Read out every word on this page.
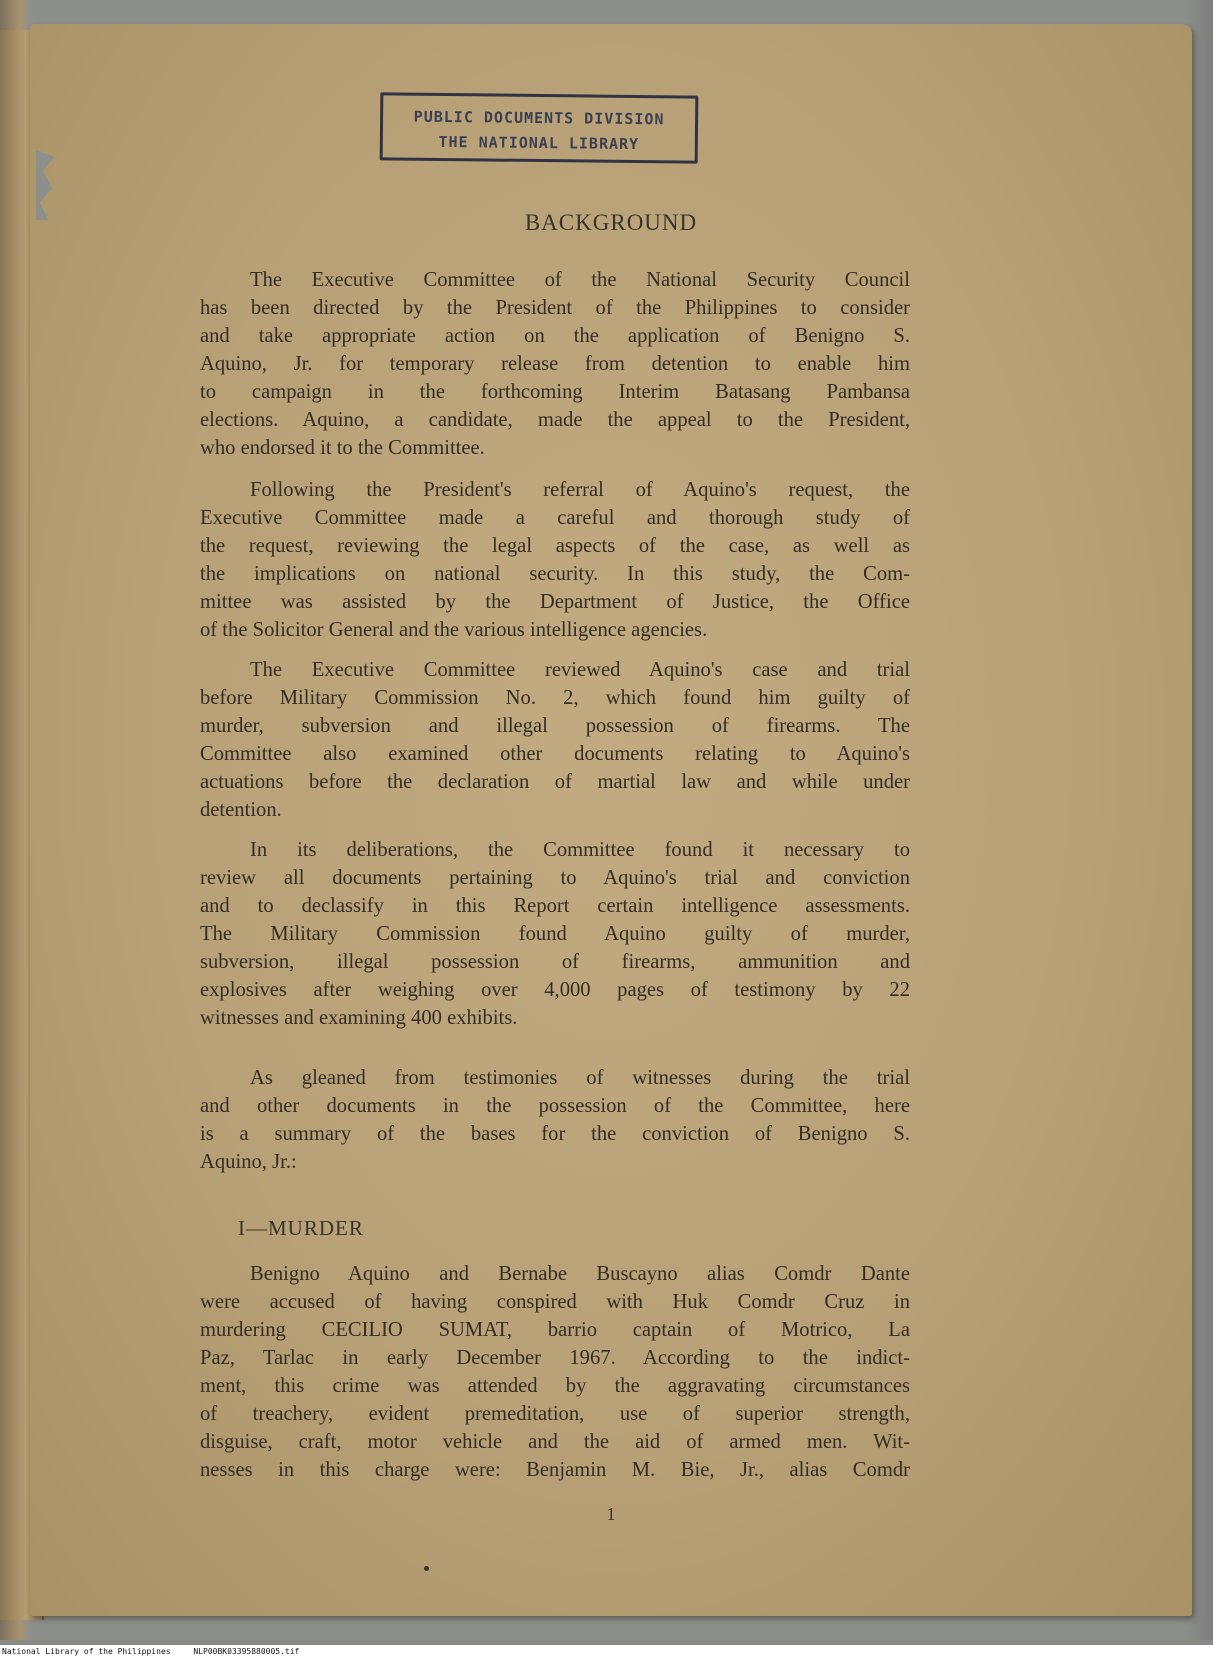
PUBLIC DOCUMENTS DIVISION
THE NATIONAL LIBRARY
BACKGROUND
The Executive Committee of the National Security Council
has been directed by the President of the Philippines to consider
and take appropriate action on the application of Benigno S.
Aquino, Jr. for temporary release from detention to enable him
to campaign in the forthcoming Interim Batasang Pambansa
elections. Aquino, a candidate, made the appeal to the President,
who endorsed it to the Committee.
Following the President's referral of Aquino's request, the
Executive Committee made a careful and thorough study of
the request, reviewing the legal aspects of the case, as well as
the implications on national security. In this study, the Com-
mittee was assisted by the Department of Justice, the Office
of the Solicitor General and the various intelligence agencies.
The Executive Committee reviewed Aquino's case and trial
before Military Commission No. 2, which found him guilty of
murder, subversion and illegal possession of firearms. The
Committee also examined other documents relating to Aquino's
actuations before the declaration of martial law and while under
detention.
In its deliberations, the Committee found it necessary to
review all documents pertaining to Aquino's trial and conviction
and to declassify in this Report certain intelligence assessments.
The Military Commission found Aquino guilty of murder,
subversion, illegal possession of firearms, ammunition and
explosives after weighing over 4,000 pages of testimony by 22
witnesses and examining 400 exhibits.
As gleaned from testimonies of witnesses during the trial
and other documents in the possession of the Committee, here
is a summary of the bases for the conviction of Benigno S.
Aquino, Jr.:
I—MURDER
Benigno Aquino and Bernabe Buscayno alias Comdr Dante
were accused of having conspired with Huk Comdr Cruz in
murdering CECILIO SUMAT, barrio captain of Motrico, La
Paz, Tarlac in early December 1967. According to the indict-
ment, this crime was attended by the aggravating circumstances
of treachery, evident premeditation, use of superior strength,
disguise, craft, motor vehicle and the aid of armed men. Wit-
nesses in this charge were: Benjamin M. Bie, Jr., alias Comdr
1
National Library of the Philippines	NLP00BK03395880005.tif
